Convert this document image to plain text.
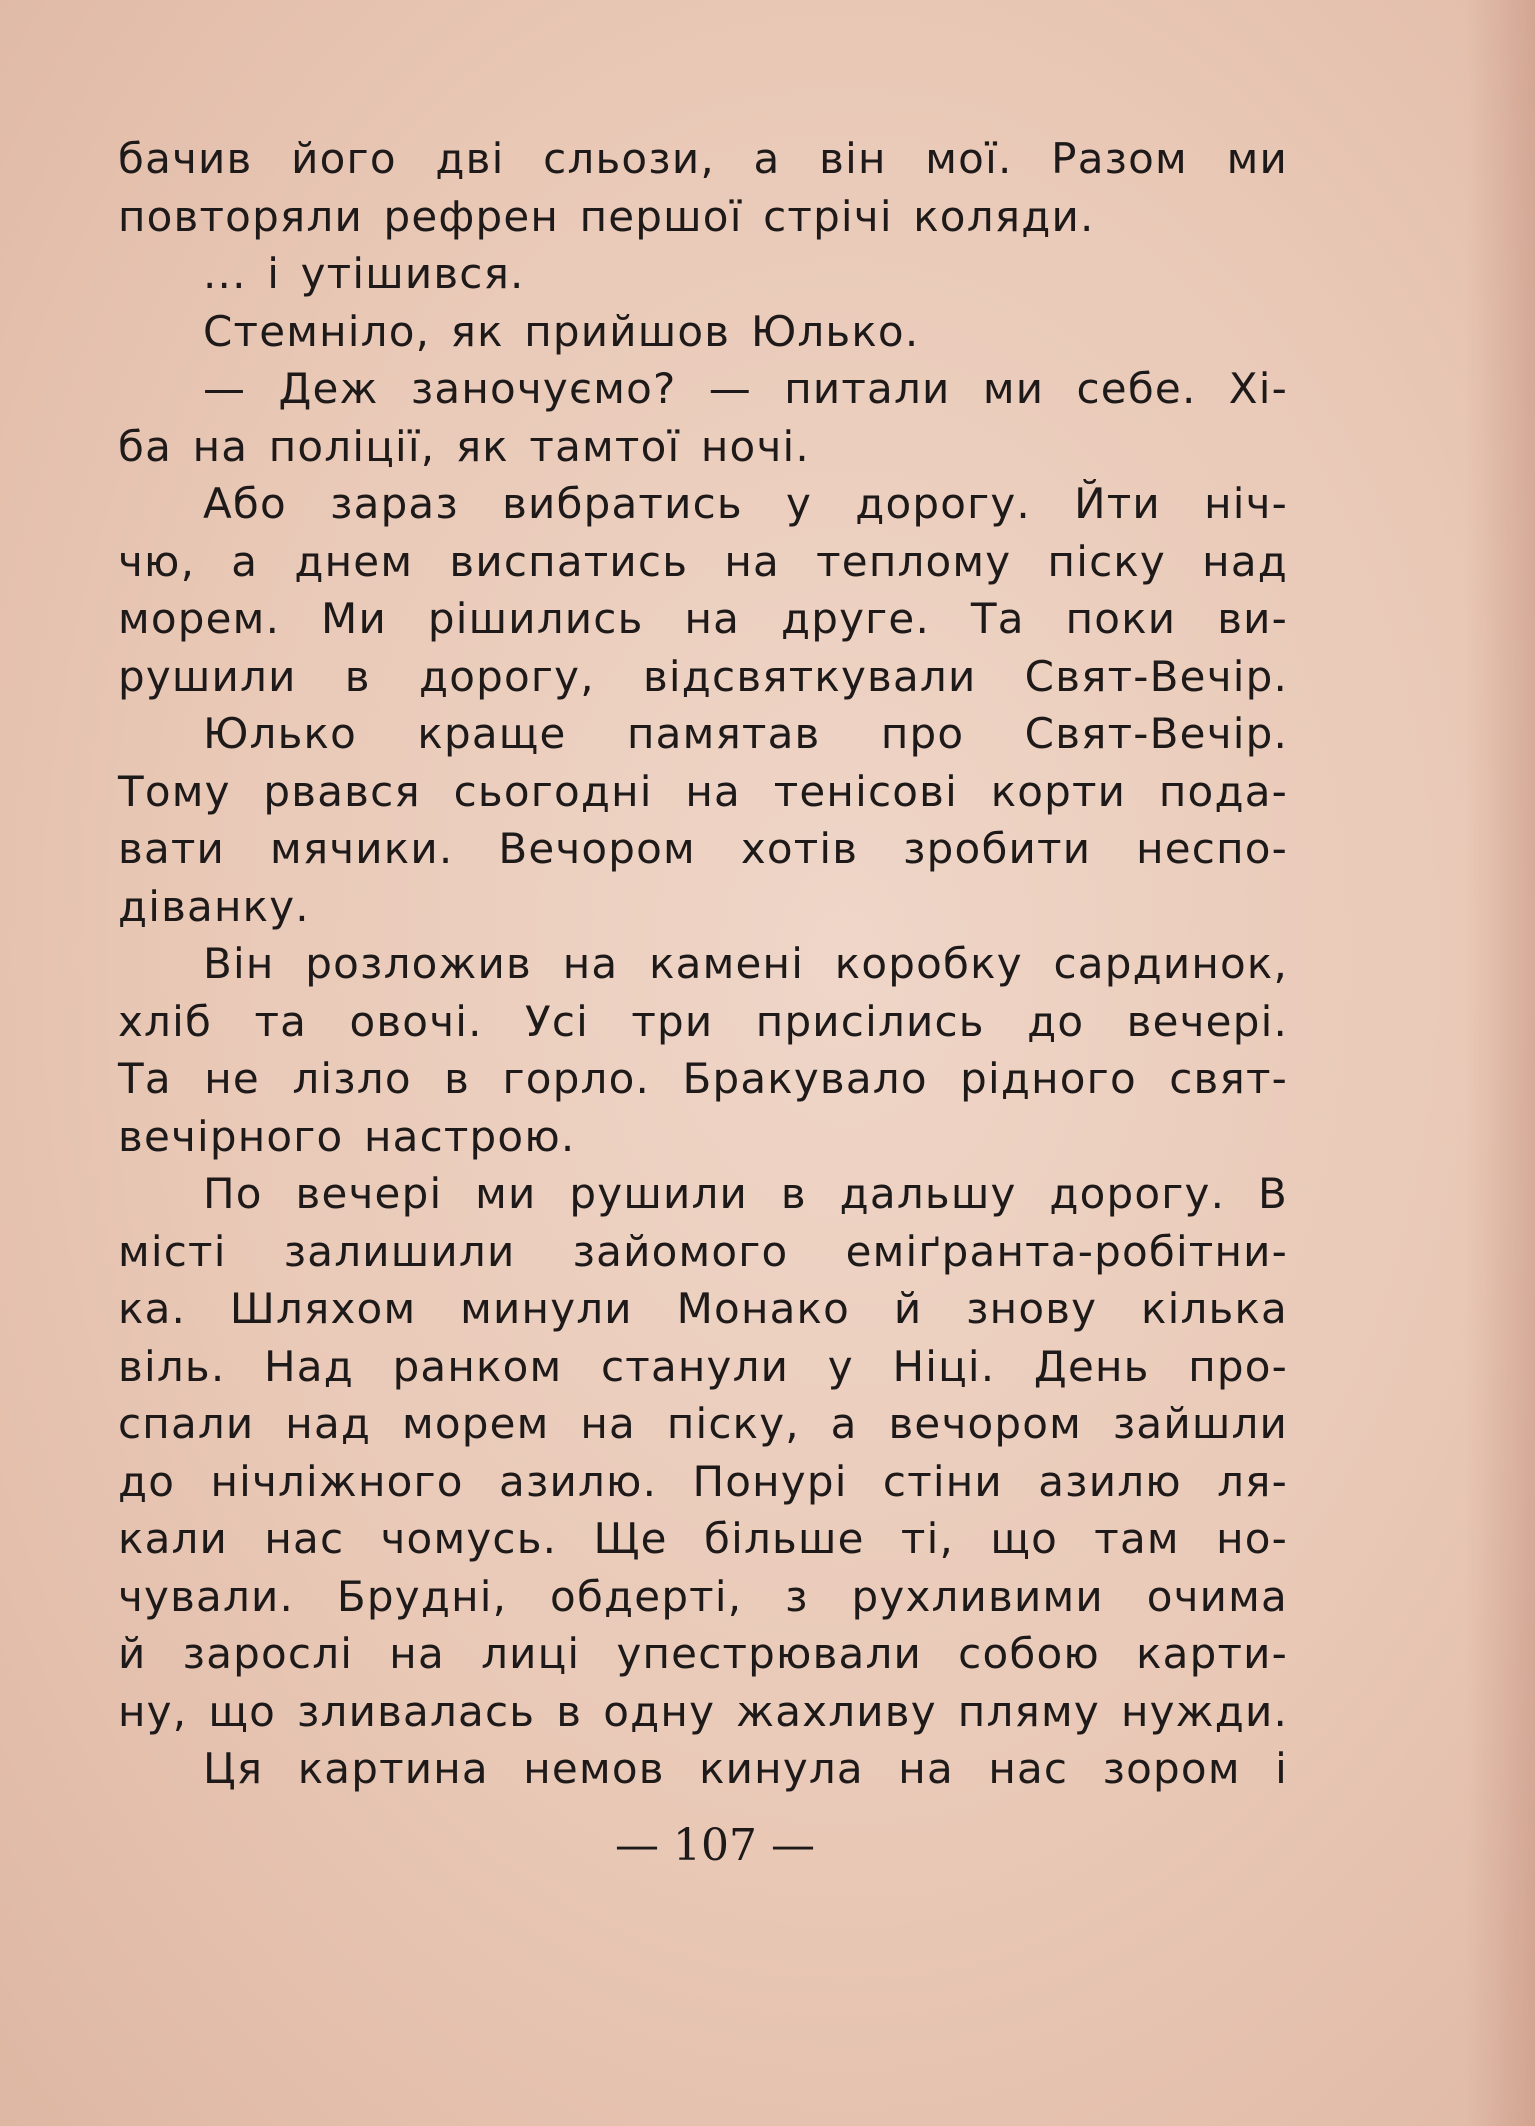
бачив його дві сльози, а він мої. Разом ми
повторяли рефрен першої стрічі коляди.
... і утішився.
Стемніло, як прийшов Юлько.
— Деж заночуємо? — питали ми себе. Хі-
ба на поліції, як тамтої ночі.
Або зараз вибратись у дорогу. Йти ніч-
чю, а днем виспатись на теплому піску над
морем. Ми рішились на друге. Та поки ви-
рушили в дорогу, відсвяткували Свят-Вечір.
Юлько краще памятав про Свят-Вечір.
Тому рвався сьогодні на тенісові корти пода-
вати мячики. Вечором хотів зробити неспо-
діванку.
Він розложив на камені коробку сардинок,
хліб та овочі. Усі три присілись до вечері.
Та не лізло в горло. Бракувало рідного свят-
вечірного настрою.
По вечері ми рушили в дальшу дорогу. В
місті залишили зайомого еміґранта-робітни-
ка. Шляхом минули Монако й знову кілька
віль. Над ранком станули у Ніці. День про-
спали над морем на піску, а вечором зайшли
до нічліжного азилю. Понурі стіни азилю ля-
кали нас чомусь. Ще більше ті, що там но-
чували. Брудні, обдерті, з рухливими очима
й зарослі на лиці упестрювали собою карти-
ну, що зливалась в одну жахливу пляму нужди.
Ця картина немов кинула на нас зором і
— 107 —
